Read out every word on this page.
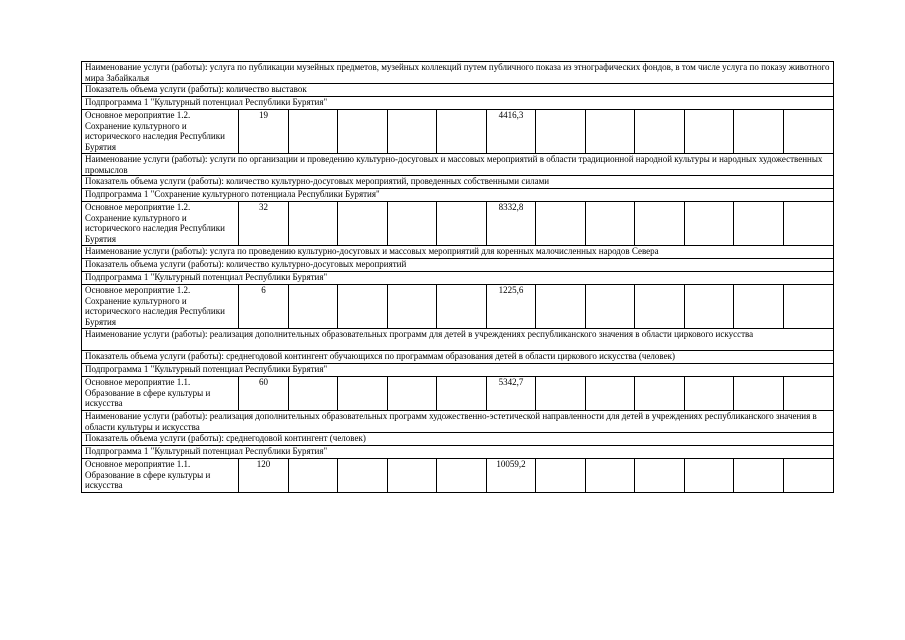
Наименование услуги (работы): услуга по публикации музейных предметов, музейных коллекций путем публичного показа из этнографических фондов, в том числе услуга по показу животного мира Забайкалья												
Показатель объема услуги (работы): количество выставок												
Подпрограмма 1 "Культурный потенциал Республики Бурятия"												
Основное мероприятие 1.2. Сохранение культурного и исторического наследия Республики Бурятия	19					4416,3						
Наименование услуги (работы): услуги по организации и проведению культурно-досуговых и массовых мероприятий в области традиционной народной культуры и народных художественных промыслов												
Показатель объема услуги (работы): количество культурно-досуговых мероприятий, проведенных собственными силами												
Подпрограмма 1 "Сохранение культурного потенциала Республики Бурятия"												
Основное мероприятие 1.2. Сохранение культурного и исторического наследия Республики Бурятия	32					8332,8						
Наименование услуги (работы): услуга по проведению культурно-досуговых и массовых мероприятий для коренных малочисленных народов Севера												
Показатель объема услуги (работы): количество культурно-досуговых мероприятий												
Подпрограмма 1 "Культурный потенциал Республики Бурятия"												
Основное мероприятие 1.2. Сохранение культурного и исторического наследия Республики Бурятия	6					1225,6						
Наименование услуги (работы): реализация дополнительных образовательных программ для детей в учреждениях республиканского значения в области циркового искусства												
Показатель объема услуги (работы): среднегодовой контингент обучающихся по программам образования детей в области циркового искусства (человек)												
Подпрограмма 1 "Культурный потенциал Республики Бурятия"												
Основное мероприятие 1.1. Образование в сфере культуры и искусства	60					5342,7						
Наименование услуги (работы): реализация дополнительных образовательных программ художественно-эстетической направленности для детей в учреждениях республиканского значения в области культуры и искусства												
Показатель объема услуги (работы): среднегодовой контингент (человек)												
Подпрограмма 1 "Культурный потенциал Республики Бурятия"												
Основное мероприятие 1.1. Образование в сфере культуры и искусства	120					10059,2						
